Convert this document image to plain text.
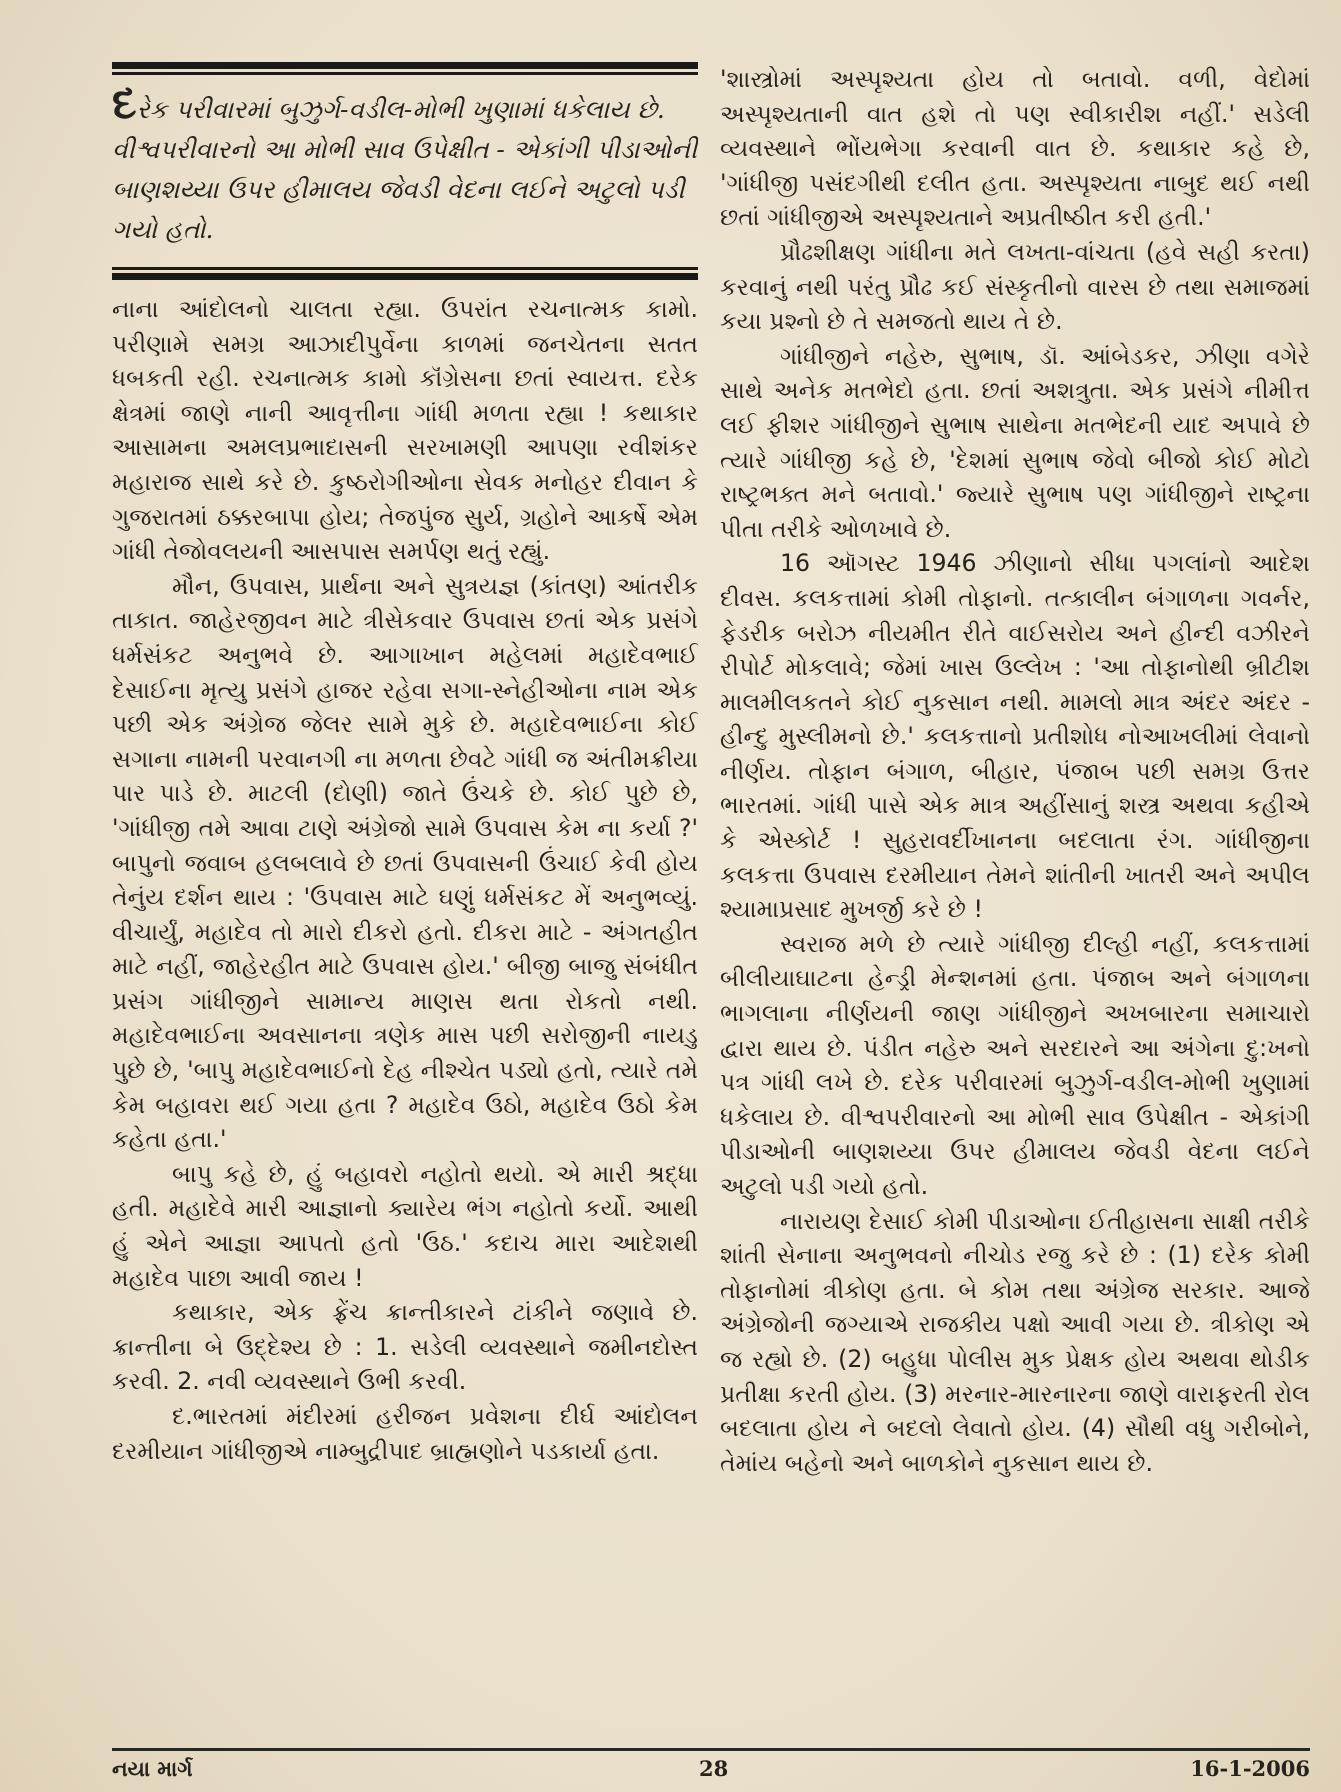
દરેક પરીવારમાં બુઝુર્ગ-વડીલ-મોભી ખુણામાં ધકેલાય છે. વીશ્વપરીવારનો આ મોભી સાવ ઉપેક્ષીત - એકાંગી પીડાઓની બાણશય્યા ઉપર હીમાલય જેવડી વેદના લઈને અટુલો પડી ગયો હતો.

નાના આંદોલનો ચાલતા રહ્યા. ઉપરાંત રચનાત્મક કામો. પરીણામે સમગ્ર આઝાદીપુર્વેના કાળમાં જનચેતના સતત ધબકતી રહી. રચનાત્મક કામો કૉંગ્રેસના છતાં સ્વાયત્ત. દરેક ક્ષેત્રમાં જાણે નાની આવૃત્તીના ગાંધી મળતા રહ્યા ! કથાકાર આસામના અમલપ્રભાદાસની સરખામણી આપણા રવીશંકર મહારાજ સાથે કરે છે. કુષ્ઠરોગીઓના સેવક મનોહર દીવાન કે ગુજરાતમાં ઠક્કરબાપા હોય; તેજપુંજ સુર્ય, ગ્રહોને આકર્ષે એમ ગાંધી તેજોવલયની આસપાસ સમર્પણ થતું રહ્યું.

મૌન, ઉપવાસ, પ્રાર્થના અને સુત્રયજ્ઞ (કાંતણ) આંતરીક તાકાત. જાહેરજીવન માટે ત્રીસેકવાર ઉપવાસ છતાં એક પ્રસંગે ધર્મસંકટ અનુભવે છે. આગાખાન મહેલમાં મહાદેવભાઈ દેસાઈના મૃત્યુ પ્રસંગે હાજર રહેવા સગા-સ્નેહીઓના નામ એક પછી એક અંગ્રેજ જેલર સામે મુકે છે. મહાદેવભાઈના કોઈ સગાના નામની પરવાનગી ના મળતા છેવટે ગાંધી જ અંતીમક્રીયા પાર પાડે છે. માટલી (દોણી) જાતે ઉંચકે છે. કોઈ પુછે છે, 'ગાંધીજી તમે આવા ટાણે અંગ્રેજો સામે ઉપવાસ કેમ ના કર્યા ?' બાપુનો જવાબ હલબલાવે છે છતાં ઉપવાસની ઉંચાઈ કેવી હોય તેનુંય દર્શન થાય : 'ઉપવાસ માટે ઘણું ધર્મસંકટ મેં અનુભવ્યું. વીચાર્યું, મહાદેવ તો મારો દીકરો હતો. દીકરા માટે - અંગતહીત માટે નહીં, જાહેરહીત માટે ઉપવાસ હોય.' બીજી બાજુ સંબંધીત પ્રસંગ ગાંધીજીને સામાન્ય માણસ થતા રોકતો નથી. મહાદેવભાઈના અવસાનના ત્રણેક માસ પછી સરોજીની નાયડુ પુછે છે, 'બાપુ મહાદેવભાઈનો દેહ નીશ્ચેત પડ્યો હતો, ત્યારે તમે કેમ બહાવરા થઈ ગયા હતા ? મહાદેવ ઉઠો, મહાદેવ ઉઠો કેમ કહેતા હતા.'

બાપુ કહે છે, હું બહાવરો નહોતો થયો. એ મારી શ્રદ્ધા હતી. મહાદેવે મારી આજ્ઞાનો ક્યારેય ભંગ નહોતો કર્યો. આથી હું એને આજ્ઞા આપતો હતો 'ઉઠ.' કદાચ મારા આદેશથી મહાદેવ પાછા આવી જાય !

કથાકાર, એક ફ્રેંચ ક્રાન્તીકારને ટાંકીને જણાવે છે. ક્રાન્તીના બે ઉદ્દેશ્ય છે : 1. સડેલી વ્યવસ્થાને જમીનદોસ્ત કરવી. 2. નવી વ્યવસ્થાને ઉભી કરવી.

દ.ભારતમાં મંદીરમાં હરીજન પ્રવેશના દીર્ઘ આંદોલન દરમીયાન ગાંધીજીએ નામ્બુદ્રીપાદ બ્રાહ્મણોને પડકાર્યા હતા.

'શાસ્ત્રોમાં અસ્પૃશ્યતા હોય તો બતાવો. વળી, વેદોમાં અસ્પૃશ્યતાની વાત હશે તો પણ સ્વીકારીશ નહીં.' સડેલી વ્યવસ્થાને ભોંયભેગા કરવાની વાત છે. કથાકાર કહે છે, 'ગાંધીજી પસંદગીથી દલીત હતા. અસ્પૃશ્યતા નાબુદ થઈ નથી છતાં ગાંધીજીએ અસ્પૃશ્યતાને અપ્રતીષ્ઠીત કરી હતી.'

પ્રૌઢશીક્ષણ ગાંધીના મતે લખતા-વાંચતા (હવે સહી કરતા) કરવાનું નથી પરંતુ પ્રૌઢ કઈ સંસ્કૃતીનો વારસ છે તથા સમાજમાં કયા પ્રશ્નો છે તે સમજતો થાય તે છે.

ગાંધીજીને નહેરુ, સુભાષ, ડૉ. આંબેડકર, ઝીણા વગેરે સાથે અનેક મતભેદો હતા. છતાં અશત્રુતા. એક પ્રસંગે નીમીત્ત લઈ ફીશર ગાંધીજીને સુભાષ સાથેના મતભેદની યાદ અપાવે છે ત્યારે ગાંધીજી કહે છે, 'દેશમાં સુભાષ જેવો બીજો કોઈ મોટો રાષ્ટ્રભક્ત મને બતાવો.' જ્યારે સુભાષ પણ ગાંધીજીને રાષ્ટ્રના પીતા તરીકે ઓળખાવે છે.

16 ઑગસ્ટ 1946 ઝીણાનો સીધા પગલાંનો આદેશ દીવસ. કલકત્તામાં કોમી તોફાનો. તત્કાલીન બંગાળના ગવર્નર, ફેડરીક બરોઝ નીયમીત રીતે વાઈસરોય અને હીન્દી વઝીરને રીપોર્ટ મોકલાવે; જેમાં ખાસ ઉલ્લેખ : 'આ તોફાનોથી બ્રીટીશ માલમીલકતને કોઈ નુકસાન નથી. મામલો માત્ર અંદર અંદર - હીન્દુ મુસ્લીમનો છે.' કલકત્તાનો પ્રતીશોધ નોઆખલીમાં લેવાનો નીર્ણય. તોફાન બંગાળ, બીહાર, પંજાબ પછી સમગ્ર ઉત્તર ભારતમાં. ગાંધી પાસે એક માત્ર અહીંસાનું શસ્ત્ર અથવા કહીએ કે એસ્કોર્ટ ! સુહરાવર્દીખાનના બદલાતા રંગ. ગાંધીજીના કલકત્તા ઉપવાસ દરમીયાન તેમને શાંતીની ખાતરી અને અપીલ શ્યામાપ્રસાદ મુખર્જી કરે છે !

સ્વરાજ મળે છે ત્યારે ગાંધીજી દીલ્હી નહીં, કલકત્તામાં બીલીયાઘાટના હેન્ડ્રી મેન્શનમાં હતા. પંજાબ અને બંગાળના ભાગલાના નીર્ણયની જાણ ગાંધીજીને અખબારના સમાચારો દ્વારા થાય છે. પંડીત નહેરુ અને સરદારને આ અંગેના દુ:ખનો પત્ર ગાંધી લખે છે. દરેક પરીવારમાં બુઝુર્ગ-વડીલ-મોભી ખુણામાં ધકેલાય છે. વીશ્વપરીવારનો આ મોભી સાવ ઉપેક્ષીત - એકાંગી પીડાઓની બાણશય્યા ઉપર હીમાલય જેવડી વેદના લઈને અટુલો પડી ગયો હતો.

નારાયણ દેસાઈ કોમી પીડાઓના ઈતીહાસના સાક્ષી તરીકે શાંતી સેનાના અનુભવનો નીચોડ રજુ કરે છે : (1) દરેક કોમી તોફાનોમાં ત્રીકોણ હતા. બે કોમ તથા અંગ્રેજ સરકાર. આજે અંગ્રેજોની જગ્યાએ રાજકીય પક્ષો આવી ગયા છે. ત્રીકોણ એ જ રહ્યો છે. (2) બહુધા પોલીસ મુક પ્રેક્ષક હોય અથવા થોડીક પ્રતીક્ષા કરતી હોય. (3) મરનાર-મારનારના જાણે વારાફરતી રોલ બદલાતા હોય ને બદલો લેવાતો હોય. (4) સૌથી વધુ ગરીબોને, તેમાંય બહેનો અને બાળકોને નુકસાન થાય છે.

નયા માર્ગ	28	16-1-2006
